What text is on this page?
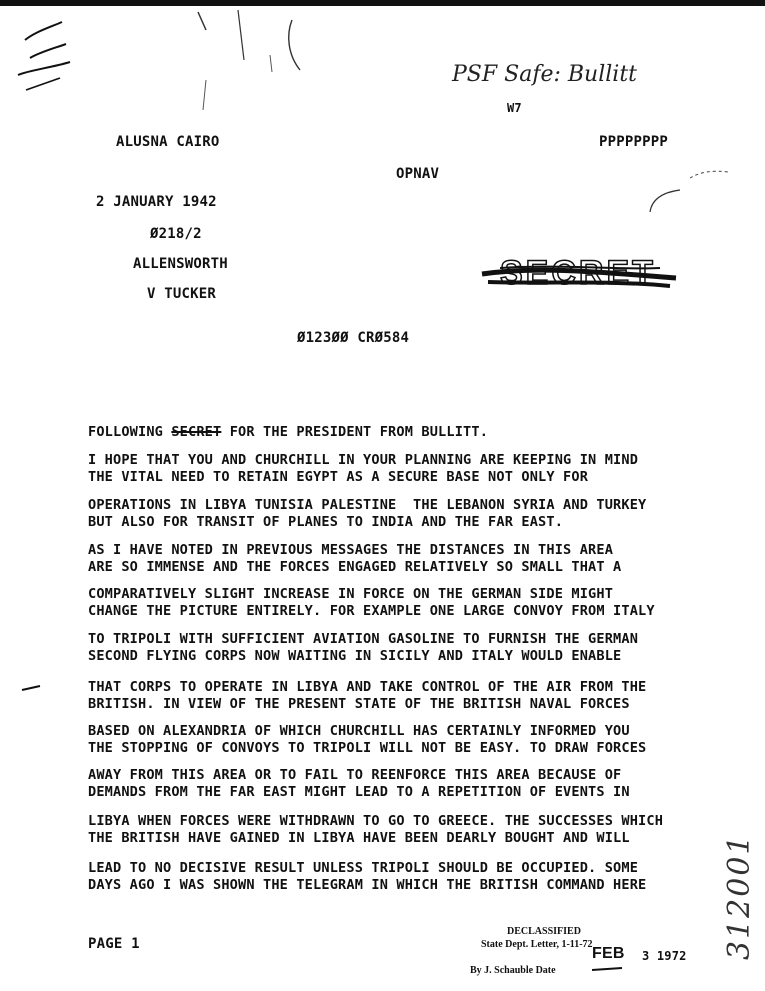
PSF Safe: Bullitt
W7
ALUSNA CAIRO	PPPPPPPP
OPNAV
2 JANUARY 1942
Ø218/2
ALLENSWORTH
V TUCKER
SECRET
Ø123ØØ CRØ584
FOLLOWING SECRET FOR THE PRESIDENT FROM BULLITT.
I HOPE THAT YOU AND CHURCHILL IN YOUR PLANNING ARE KEEPING IN MIND
THE VITAL NEED TO RETAIN EGYPT AS A SECURE BASE NOT ONLY FOR
OPERATIONS IN LIBYA TUNISIA PALESTINE  THE LEBANON SYRIA AND TURKEY
BUT ALSO FOR TRANSIT OF PLANES TO INDIA AND THE FAR EAST.
AS I HAVE NOTED IN PREVIOUS MESSAGES THE DISTANCES IN THIS AREA
ARE SO IMMENSE AND THE FORCES ENGAGED RELATIVELY SO SMALL THAT A
COMPARATIVELY SLIGHT INCREASE IN FORCE ON THE GERMAN SIDE MIGHT
CHANGE THE PICTURE ENTIRELY. FOR EXAMPLE ONE LARGE CONVOY FROM ITALY
TO TRIPOLI WITH SUFFICIENT AVIATION GASOLINE TO FURNISH THE GERMAN
SECOND FLYING CORPS NOW WAITING IN SICILY AND ITALY WOULD ENABLE
THAT CORPS TO OPERATE IN LIBYA AND TAKE CONTROL OF THE AIR FROM THE
BRITISH. IN VIEW OF THE PRESENT STATE OF THE BRITISH NAVAL FORCES
BASED ON ALEXANDRIA OF WHICH CHURCHILL HAS CERTAINLY INFORMED YOU
THE STOPPING OF CONVOYS TO TRIPOLI WILL NOT BE EASY. TO DRAW FORCES
AWAY FROM THIS AREA OR TO FAIL TO REENFORCE THIS AREA BECAUSE OF
DEMANDS FROM THE FAR EAST MIGHT LEAD TO A REPETITION OF EVENTS IN
LIBYA WHEN FORCES WERE WITHDRAWN TO GO TO GREECE. THE SUCCESSES WHICH
THE BRITISH HAVE GAINED IN LIBYA HAVE BEEN DEARLY BOUGHT AND WILL
LEAD TO NO DECISIVE RESULT UNLESS TRIPOLI SHOULD BE OCCUPIED. SOME
DAYS AGO I WAS SHOWN THE TELEGRAM IN WHICH THE BRITISH COMMAND HERE
PAGE 1
DECLASSIFIED
State Dept. Letter, 1-11-72
FEB 3 1972
By J. Schauble Date
312001
